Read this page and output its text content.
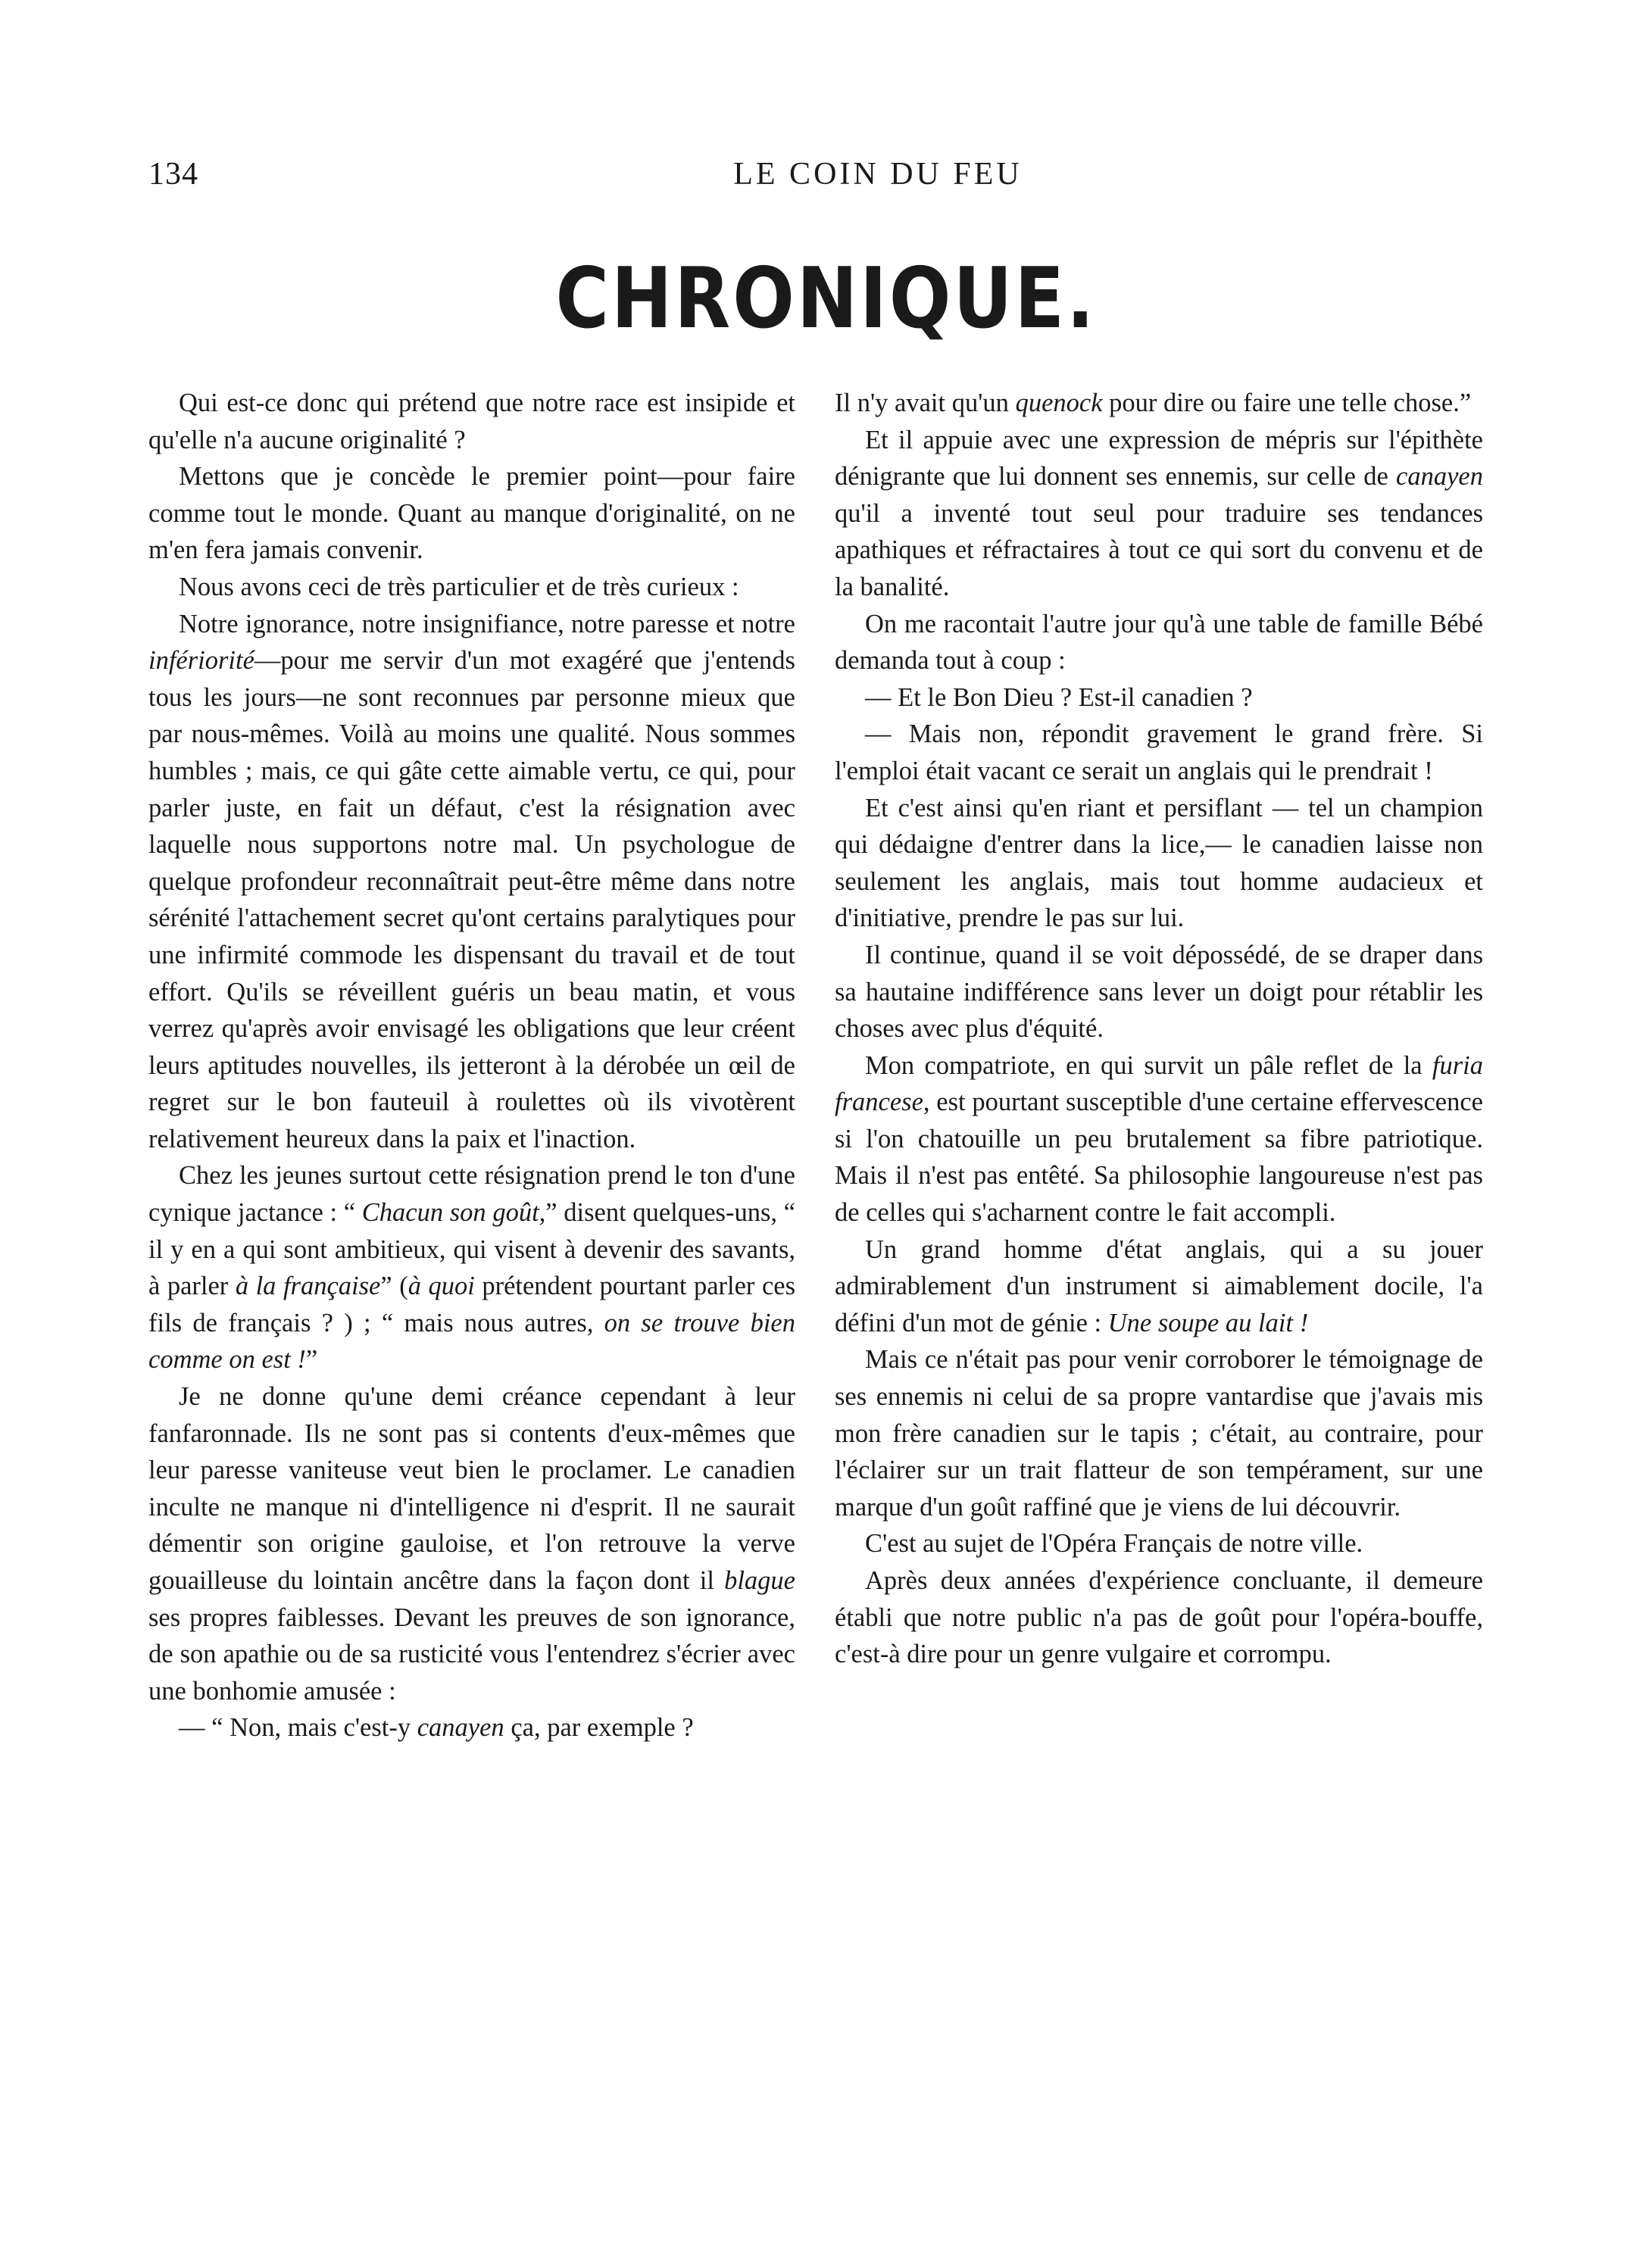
134	LE COIN DU FEU
CHRONIQUE.

Qui est-ce donc qui prétend que notre race est insipide et qu'elle n'a aucune originalité ?

Mettons que je concède le premier point—pour faire comme tout le monde. Quant au manque d'originalité, on ne m'en fera jamais convenir.

Nous avons ceci de très particulier et de très curieux :

Notre ignorance, notre insignifiance, notre paresse et notre infériorité—pour me servir d'un mot exagéré que j'entends tous les jours—ne sont reconnues par personne mieux que par nous-mêmes. Voilà au moins une qualité. Nous sommes humbles ; mais, ce qui gâte cette aimable vertu, ce qui, pour parler juste, en fait un défaut, c'est la résignation avec laquelle nous supportons notre mal. Un psychologue de quelque profondeur reconnaîtrait peut-être même dans notre sérénité l'attachement secret qu'ont certains paralytiques pour une infirmité commode les dispensant du travail et de tout effort. Qu'ils se réveillent guéris un beau matin, et vous verrez qu'après avoir envisagé les obligations que leur créent leurs aptitudes nouvelles, ils jetteront à la dérobée un œil de regret sur le bon fauteuil à roulettes où ils vivotèrent relativement heureux dans la paix et l'inaction.

Chez les jeunes surtout cette résignation prend le ton d'une cynique jactance : “ Chacun son goût,” disent quelques-uns, “ il y en a qui sont ambitieux, qui visent à devenir des savants, à parler à la française” (à quoi prétendent pourtant parler ces fils de français ? ) ; “ mais nous autres, on se trouve bien comme on est !”

Je ne donne qu'une demi créance cependant à leur fanfaronnade. Ils ne sont pas si contents d'eux-mêmes que leur paresse vaniteuse veut bien le proclamer. Le canadien inculte ne manque ni d'intelligence ni d'esprit. Il ne saurait démentir son origine gauloise, et l'on retrouve la verve gouailleuse du lointain ancêtre dans la façon dont il blague ses propres faiblesses. Devant les preuves de son ignorance, de son apathie ou de sa rusticité vous l'entendrez s'écrier avec une bonhomie amusée :

— “ Non, mais c'est-y canayen ça, par exemple ?

Il n'y avait qu'un quenock pour dire ou faire une telle chose.”

Et il appuie avec une expression de mépris sur l'épithète dénigrante que lui donnent ses ennemis, sur celle de canayen qu'il a inventé tout seul pour traduire ses tendances apathiques et réfractaires à tout ce qui sort du convenu et de la banalité.

On me racontait l'autre jour qu'à une table de famille Bébé demanda tout à coup :

— Et le Bon Dieu ? Est-il canadien ?

— Mais non, répondit gravement le grand frère. Si l'emploi était vacant ce serait un anglais qui le prendrait !

Et c'est ainsi qu'en riant et persiflant — tel un champion qui dédaigne d'entrer dans la lice,— le canadien laisse non seulement les anglais, mais tout homme audacieux et d'initiative, prendre le pas sur lui.

Il continue, quand il se voit dépossédé, de se draper dans sa hautaine indifférence sans lever un doigt pour rétablir les choses avec plus d'équité.

Mon compatriote, en qui survit un pâle reflet de la furia francese, est pourtant susceptible d'une certaine effervescence si l'on chatouille un peu brutalement sa fibre patriotique. Mais il n'est pas entêté. Sa philosophie langoureuse n'est pas de celles qui s'acharnent contre le fait accompli.

Un grand homme d'état anglais, qui a su jouer admirablement d'un instrument si aimablement docile, l'a défini d'un mot de génie : Une soupe au lait !

Mais ce n'était pas pour venir corroborer le témoignage de ses ennemis ni celui de sa propre vantardise que j'avais mis mon frère canadien sur le tapis ; c'était, au contraire, pour l'éclairer sur un trait flatteur de son tempérament, sur une marque d'un goût raffiné que je viens de lui découvrir.

C'est au sujet de l'Opéra Français de notre ville.

Après deux années d'expérience concluante, il demeure établi que notre public n'a pas de goût pour l'opéra-bouffe, c'est-à dire pour un genre vulgaire et corrompu.
